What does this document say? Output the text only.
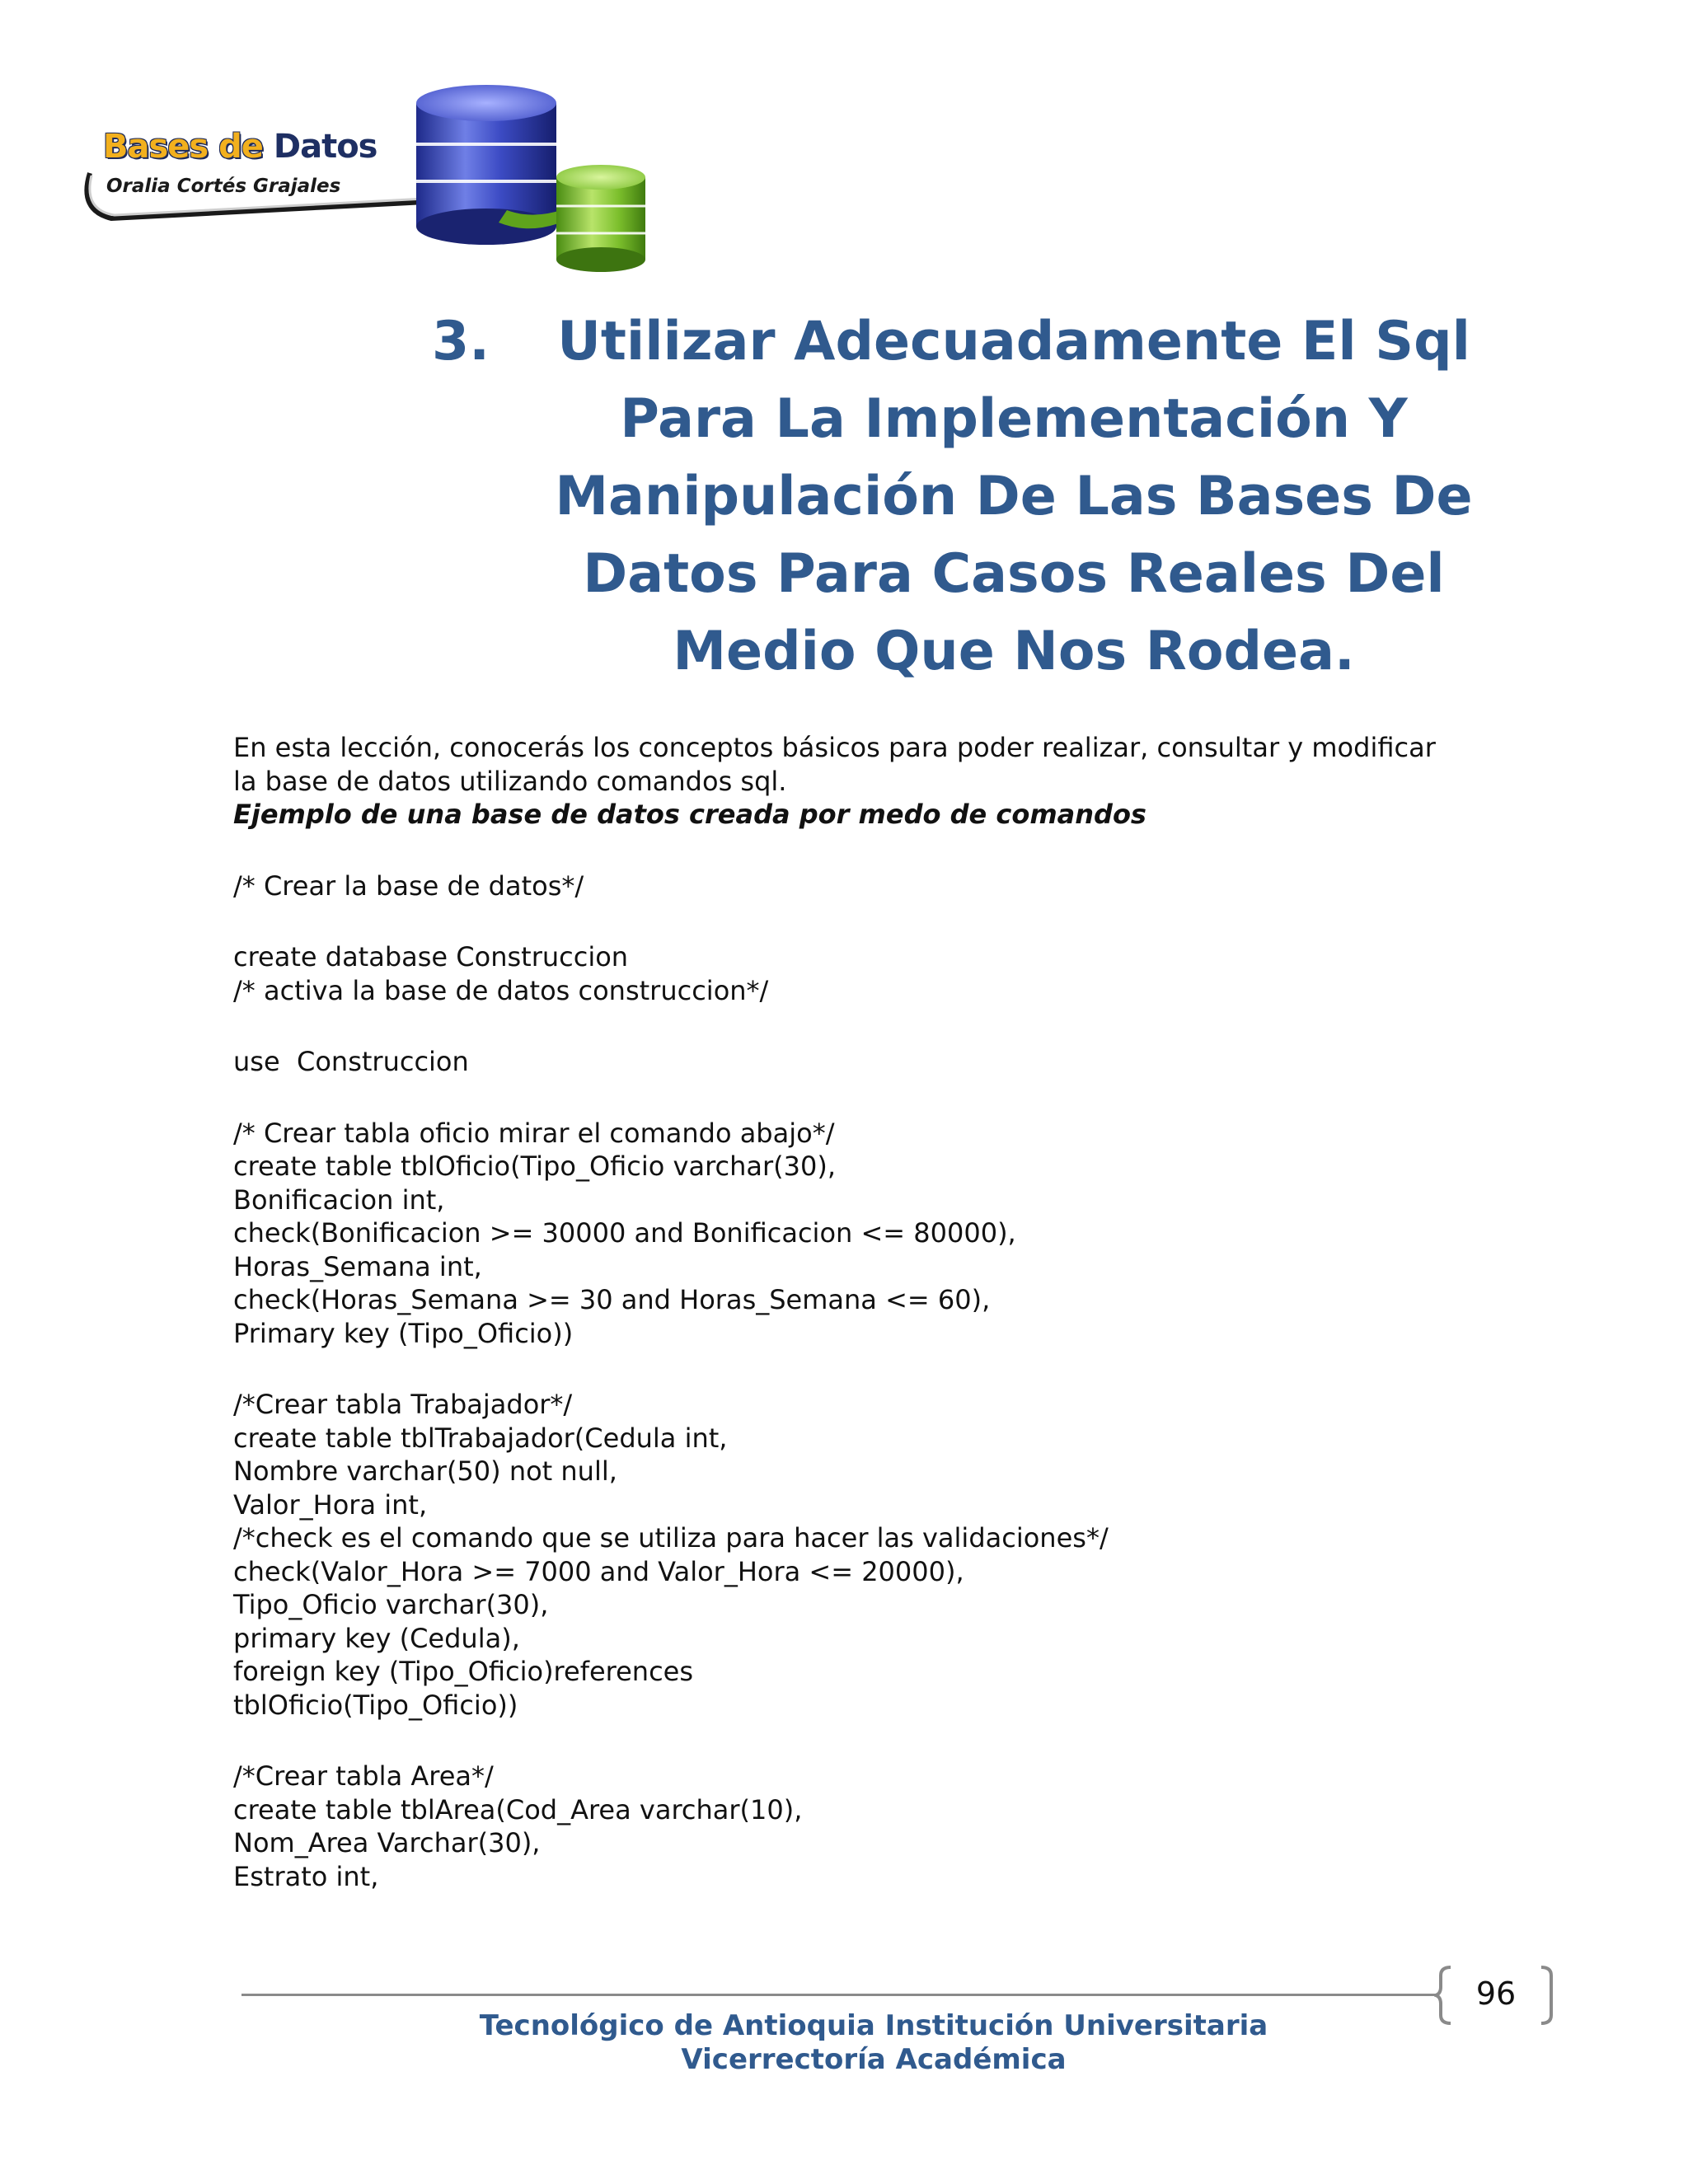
Bases de Datos
Oralia Cortés Grajales
3.	Utilizar Adecuadamente El Sql Para La Implementación Y Manipulación De Las Bases De Datos Para Casos Reales Del Medio Que Nos Rodea.

En esta lección, conocerás los conceptos básicos para poder realizar, consultar y modificar

la base de datos utilizando comandos sql.

Ejemplo de una base de datos creada por medo de comandos

/* Crear la base de datos*/
create database Construccion
/* activa la base de datos construccion*/
use  Construccion
/* Crear tabla oficio mirar el comando abajo*/
create table tblOficio(Tipo_Oficio varchar(30),
Bonificacion int,
check(Bonificacion >= 30000 and Bonificacion <= 80000),
Horas_Semana int,
check(Horas_Semana >= 30 and Horas_Semana <= 60),
Primary key (Tipo_Oficio))
/*Crear tabla Trabajador*/
create table tblTrabajador(Cedula int,
Nombre varchar(50) not null,
Valor_Hora int,
/*check es el comando que se utiliza para hacer las validaciones*/
check(Valor_Hora >= 7000 and Valor_Hora <= 20000),
Tipo_Oficio varchar(30),
primary key (Cedula),
foreign key (Tipo_Oficio)references
tblOficio(Tipo_Oficio))
/*Crear tabla Area*/
create table tblArea(Cod_Area varchar(10),
Nom_Area Varchar(30),
Estrato int,
96
Tecnológico de Antioquia Institución Universitaria
Vicerrectoría Académica
